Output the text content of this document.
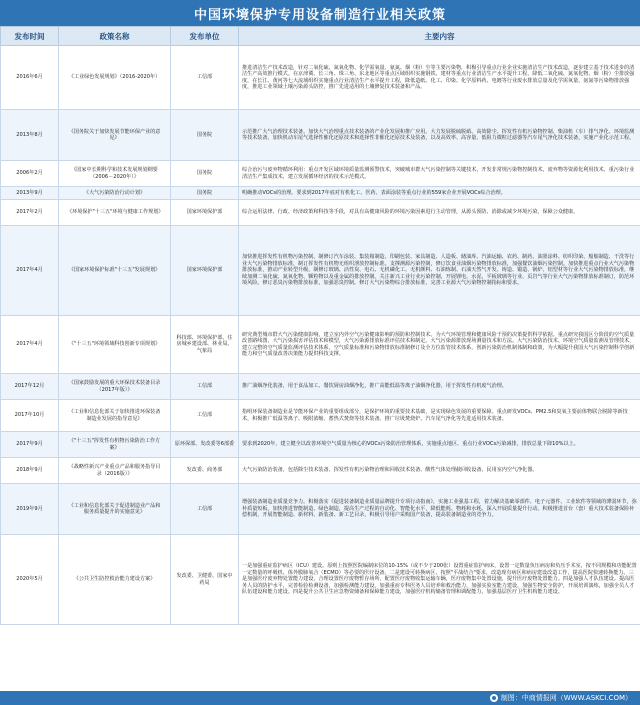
中国环境保护专用设备制造行业相关政策
发布时间	政策名称	发布单位	主要内容
2016年6月	《工业绿色发展规划》（2016-2020年）	工信部	推进清洁生产技术改造，针对二氧化硫、氮氧化物、化学需氧量、氨氮、烟（粉）尘等主要污染物，积极引导重点行业企业实施清洁生产技术改造，逐步建立基于技术进步的清洁生产高效推行模式。在京津冀、长三角、珠三角、东北地区等重点区域组织实施钢铁、建材等重点行业清洁生产水平提升工程，降低二氧化硫、氮氧化物、烟（粉）尘排放强度，在长江、黄河等七大流域组织实施重点行业清洁生产水平提升工程，降低造纸、化工、印染、化学原料药、电镀等行业废水排放总量及化学需氧量、氨氮等污染物排放强度，推进工业领域土壤污染源头防控，推广先进适用的土壤修复技术装备和产品。
2013年8月	《国务院关于加快发展节能环保产业的意见》	国务院	示范推广大气治理技术装备。加快大气治理重点技术装备的产业化发展和推广应用。大力发展脱硫脱硝、高效除尘、挥发性有机污染物控制、柴油机（车）排气净化、环境监测等技术装备，加快机动车尾气选择性催化还原技术和选择性非催化还原技术及装备，以及高效率、高容量、低阻力微粒过滤器等汽车尾气净化技术装备，实施产业化示范工程。
2006年2月	《国家中长期科学和技术发展规划纲要（2006－2020年）》	国务院	综合治污与废弃物循环利用：重点开发区域环境质量监测预警技术，突破城市群大气污染控制等关键技术，开发非常规污染物控制技术，废弃物等资源化利用技术，重污染行业清洁生产集成技术，建立发展循环经济的技术示范模式。
2013年9月	《大气污染防治行动计划》	国务院	明确推动VOCs的治理。要求到2017年底对有机化工、医药、表面涂装等重点行业的559家企业开展VOCs综合治理。
2017年2月	《环境保护"十三五"环境与健康工作规划》	国家环境保护部	综合运用法律、行政、经济政策和科技等手段，对具有高健康风险的环境污染因素进行主动管理，从源头预防、消除或减少环境污染，保障公众健康。
2017年4月	《国家环境保护标准"十三五"发展规划》	国家环境保护部	加快推进挥发性有机物污染控制。制修订汽车涂装、集装箱制造、印刷包装、家具制造、人造板、储油库、汽油运输、农药、制药、油墨涂料、纺织印染、船舶制造、干洗等行业大气污染物排放标准，制订挥发性有机物无组织泄放控制标准。支撑测源污染控制，修订饮食业油烟污染物排放标准，加强餐饮油烟污染控制。加快推进重点行业大气污染物排放标准，推动产业转型升级，制修订玻璃、活性炭、电石、无机磷化工、无机颜料、石油炼制、石油天然气开发、铸造、锻造、锅炉、铝型材等行业大气污染物排放标准，继续加测二氧化硫、氮氧化物、颗粒物以及重金属的排放控制。关注新兴工业行业污染控制，开展锂电、水泥、平板玻璃等行业、页岩气等行业大气污染物排放标准制订，防范环境风险。修订恶臭污染物排放标准，加强恶臭控制。修订大气污染物综合排放标准，完善工业源大气污染物控制指标和要求。
2017年4月	《"十三五"环境领域科技创新专项规划》	科技部、环境保护部、住房城乡建设部、林业局、气象局	研究典型城市群大气污染健康影响，建立室内外空气污染健康影响的预防和控制技术。为大气环境管理和健康风险干预的决策提供科学依据。重点研究我国区分阶段的空气质量改善路线图，大气污染损害评估技术和模型，大气污染源排放标准评估技术和制定。大气污染源排放现场测量技术和方法。大气污染防治技术、环境空气质量监测及管理技术，建立完整的空气质量监测评估技术体系，空气质量标准和污染物排放标准制修订及全方位监管技术体系，创新污染防治机制体制和政策，为大幅提升我国大气污染控制科学创新能力和空气质量改善决策能力提供科技支撑。
2017年12月	《国家鼓励发展的重大环保技术装备目录（2017年版）》	工信部	推广油烟净化装备，用于食品加工、餐饮厨房油烟净化，推广高能低温等离子油烟净化器，用于挥发性有机废气治理。
2017年10月	《工业和信息化部关于加快推进环保装备制造业发展的指导意见》	工信部	指明环保装备制造业是节能环保产业的重要组成部分，是保护环境的重要技术基础，是实现绿色发展的重要保障。重点研发VOCs、PM2.5和臭氧主要前体物联合脱除等新技术，积极推广低温等离子、吸附浓缩、蓄热式焚烧等技术装备。推广垃圾焚烧炉、汽车尾气净化等先进适用技术装备。
2017年9月	《"十三五"挥发性有机物污染防治工作方案》	原环保部、发改委等6部委	要求到2020年，建立健全以改善环境空气质量为核心的VOCs污染防治管理体系，实施重点地区、重点行业VOCs污染减排，排放总量下降10%以上。
2018年9月	《战略性新兴产业重点产品和服务指导目录（2016版）》	发改委、商务部	大气污染防治装备，包括除尘技术装备、挥发性有机污染物治理和回收技术装备、酸性气体处理截回收设备、民用室内空气净化器。
2019年9月	《工业和信息化部关于促进制造业产品和服务质量提升的实施意见》	工信部	增强装备制造业质量竞争力。积极落实《促进装备制造业质量品牌提升专项行动指南》，实施工业强基工程，着力解决基础零部件、电子元器件、工业软件等领域的薄弱环节，弥补质量短板。加快推进智能制造、绿色制造，提高生产过程的自动化、智能化水平，降低能耗、物耗和水耗。深入开展质量提升行动。积极推进首台（套）重大技术装备保险补偿机制，开展智能制造、新材料、新装备、新工艺目录，积极引导用户采购国产装备，提高装备制造业的竞争力。
2020年5月	《公共卫生防控救治能力建设方案》	发改委、卫健委、国家中药局	一是加强重症监护病区（ICU）建设。原则上按照医院编制床位的10-15%（或不少于200张）设置重症监护病床，设置一定数量负压病房和负压手术室，按不同规模和功能配置一定数量的呼吸机、体外膜肺氧合（ECMO）等必要的医疗设备。二是建设可转换病区，按照"平战结合"要求，改造现有病区和病房建设改造工作，提高医院快速转换能力。三是加强医疗废弃物处置能力建设，合理设置医疗废物暂存场所，配置医疗废物收集运输车辆，医疗废物集中处置设施，提升医疗废物处置能力。四是加强人才队伍建设。提高医务人员的防护水平，完善检验检测设备，加强检测能力建设。加强重症专科医务人员培养和救治能力，加强实验室能力建设，加强生物安全防护，开展培训演练，加强全员人才队伍建设和能力建设。四是提升公共卫生应急物资储备和保障能力建设，加强医疗机构储备管理和调配能力，加强基层医疗卫生机构能力建设。
制图：中商情报网（WWW.ASKCI.COM）
